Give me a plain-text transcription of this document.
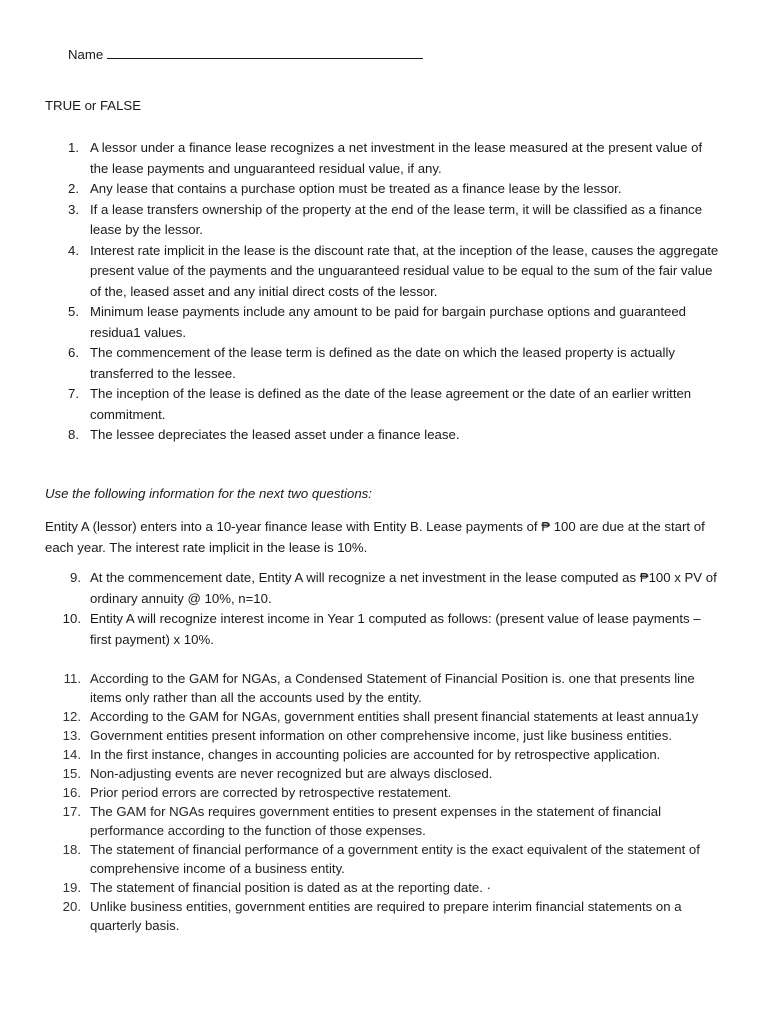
Name
TRUE or FALSE
1. A lessor under a finance lease recognizes a net investment in the lease measured at the present value of the lease payments and unguaranteed residual value, if any.
2. Any lease that contains a purchase option must be treated as a finance lease by the lessor.
3. If a lease transfers ownership of the property at the end of the lease term, it will be classified as a finance lease by the lessor.
4. Interest rate implicit in the lease is the discount rate that, at the inception of the lease, causes the aggregate present value of the payments and the unguaranteed residual value to be equal to the sum of the fair value of the, leased asset and any initial direct costs of the lessor.
5. Minimum lease payments include any amount to be paid for bargain purchase options and guaranteed residua1 values.
6. The commencement of the lease term is defined as the date on which the leased property is actually transferred to the lessee.
7. The inception of the lease is defined as the date of the lease agreement or the date of an earlier written commitment.
8. The lessee depreciates the leased asset under a finance lease.
Use the following information for the next two questions:
Entity A (lessor) enters into a 10-year finance lease with Entity B. Lease payments of ₱ 100 are due at the start of each year. The interest rate implicit in the lease is 10%.
9. At the commencement date, Entity A will recognize a net investment in the lease computed as ₱100 x PV of ordinary annuity @ 10%, n=10.
10. Entity A will recognize interest income in Year 1 computed as follows: (present value of lease payments – first payment) x 10%.
11. According to the GAM for NGAs, a Condensed Statement of Financial Position is. one that presents line items only rather than all the accounts used by the entity.
12. According to the GAM for NGAs, government entities shall present financial statements at least annua1y
13. Government entities present information on other comprehensive income, just like business entities.
14. In the first instance, changes in accounting policies are accounted for by retrospective application.
15. Non-adjusting events are never recognized but are always disclosed.
16. Prior period errors are corrected by retrospective restatement.
17. The GAM for NGAs requires government entities to present expenses in the statement of financial performance according to the function of those expenses.
18. The statement of financial performance of a government entity is the exact equivalent of the statement of comprehensive income of a business entity.
19. The statement of financial position is dated as at the reporting date. ·
20. Unlike business entities, government entities are required to prepare interim financial statements on a quarterly basis.
